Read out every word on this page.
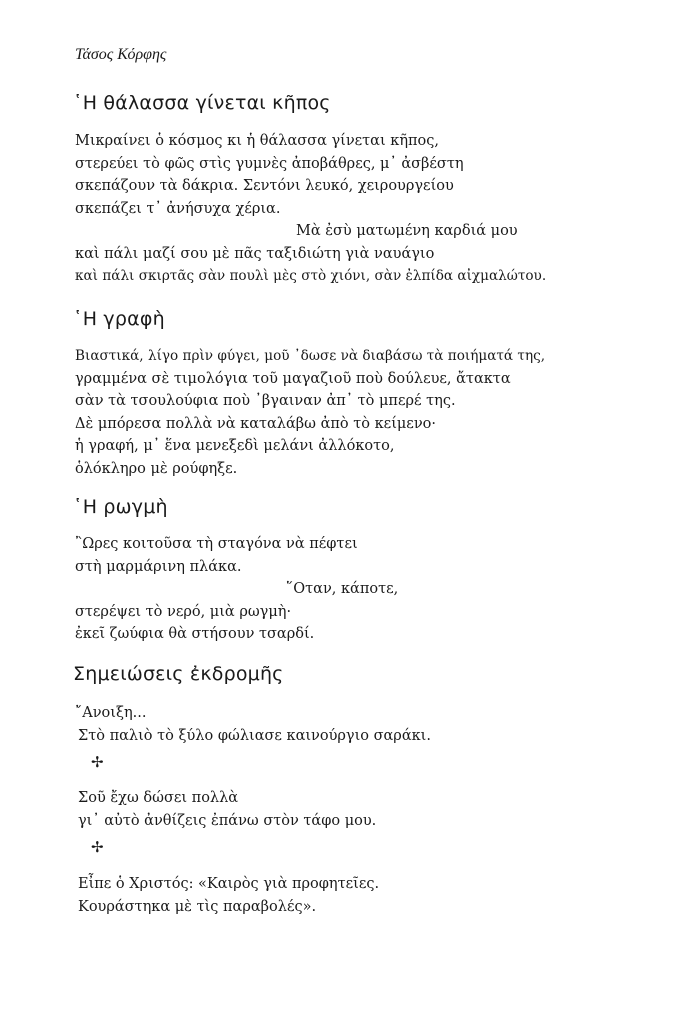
Τάσος Κόρφης

῾Η θάλασσα γίνεται κῆπος
Μικραίνει ὁ κόσμος κι ἡ θάλασσα γίνεται κῆπος,
στερεύει τὸ φῶς στὶς γυμνὲς ἀποβάθρες, μ᾿ ἀσβέστη
σκεπάζουν τὰ δάκρια. Σεντόνι λευκό, χειρουργείου
σκεπάζει τ᾿ ἀνήσυχα χέρια.
Μὰ ἐσὺ ματωμένη καρδιά μου
καὶ πάλι μαζί σου μὲ πᾶς ταξιδιώτη γιὰ ναυάγιο
καὶ πάλι σκιρτᾶς σὰν πουλὶ μὲς στὸ χιόνι, σὰν ἐλπίδα αἰχμαλώτου.
῾Η γραφὴ
Βιαστικά, λίγο πρὶν φύγει, μοῦ ᾿δωσε νὰ διαβάσω τὰ ποιήματά της,
γραμμένα σὲ τιμολόγια τοῦ μαγαζιοῦ ποὺ δούλευε, ἄτακτα
σὰν τὰ τσουλούφια ποὺ ᾿βγαιναν ἀπ᾿ τὸ μπερέ της.
Δὲ μπόρεσα πολλὰ νὰ καταλάβω ἀπὸ τὸ κείμενο·
ἡ γραφή, μ᾿ ἕνα μενεξεδὶ μελάνι ἀλλόκοτο,
ὁλόκληρο μὲ ρούφηξε.
῾Η ρωγμὴ
῍Ωρες κοιτοῦσα τὴ σταγόνα νὰ πέφτει
στὴ μαρμάρινη πλάκα.
῞Οταν, κάποτε,
στερέψει τὸ νερό, μιὰ ρωγμὴ·
ἐκεῖ ζωύφια θὰ στήσουν τσαρδί.
Σημειώσεις ἐκδρομῆς
῎Ανοιξη...
Στὸ παλιὸ τὸ ξύλο φώλιασε καινούργιο σαράκι.
✢
Σοῦ ἔχω δώσει πολλὰ
γι᾿ αὐτὸ ἀνθίζεις ἐπάνω στὸν τάφο μου.
✢
Εἶπε ὁ Χριστός: «Καιρὸς γιὰ προφητεῖες.
Κουράστηκα μὲ τὶς παραβολές».
